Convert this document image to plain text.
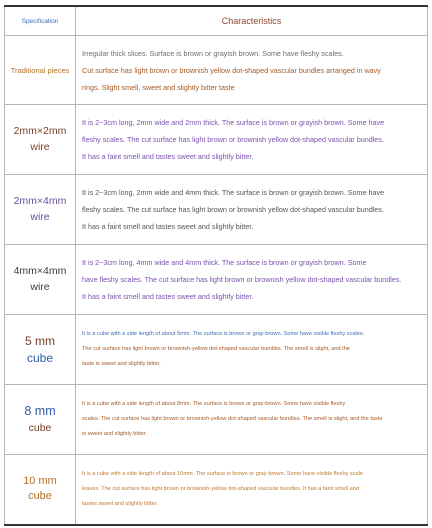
Specification	Characteristics

Traditional pieces	Irregular thick slices. Surface is brown or grayish brown. Some have fleshy scales.
Cut surface has light brown or brownish yellow dot-shaped vascular bundles arranged in wavy
rings. Slight smell, sweet and slightly bitter taste

2mm×2mm
wire	It is 2~3cm long, 2mm wide and 2mm thick. The surface is brown or grayish brown. Some have
fleshy scales. The cut surface has light brown or brownish yellow dot-shaped vascular bundles.
It has a faint smell and tastes sweet and slightly bitter.

2mm×4mm
wire	It is 2~3cm long, 2mm wide and 4mm thick. The surface is brown or grayish brown. Some have
fleshy scales. The cut surface has light brown or brownish yellow dot-shaped vascular bundles.
It has a faint smell and tastes sweet and slightly bitter.

4mm×4mm
wire	It is 2~3cm long, 4mm wide and 4mm thick. The surface is brown or grayish brown. Some
have fleshy scales. The cut surface has light brown or brownish yellow dot-shaped vascular bundles.
It has a faint smell and tastes sweet and slightly bitter.

5 mm
cube	It is a cube with a side length of about 5mm. The surface is brown or gray-brown. Some have visible fleshy scales.
The cut surface has light brown or brownish-yellow dot-shaped vascular bundles. The smell is slight, and the
taste is sweet and slightly bitter.

8 mm
cube	It is a cube with a side length of about 8mm. The surface is brown or gray-brown. Some have visible fleshy
scales. The cut surface has light brown or brownish-yellow dot-shaped vascular bundles. The smell is slight, and the taste
is sweet and slightly bitter.

10 mm
cube	It is a cube with a side length of about 10mm. The surface is brown or gray-brown. Some have visible fleshy scale
leaves. The cut surface has light brown or brownish-yellow dot-shaped vascular bundles. It has a faint smell and
tastes sweet and slightly bitter.
